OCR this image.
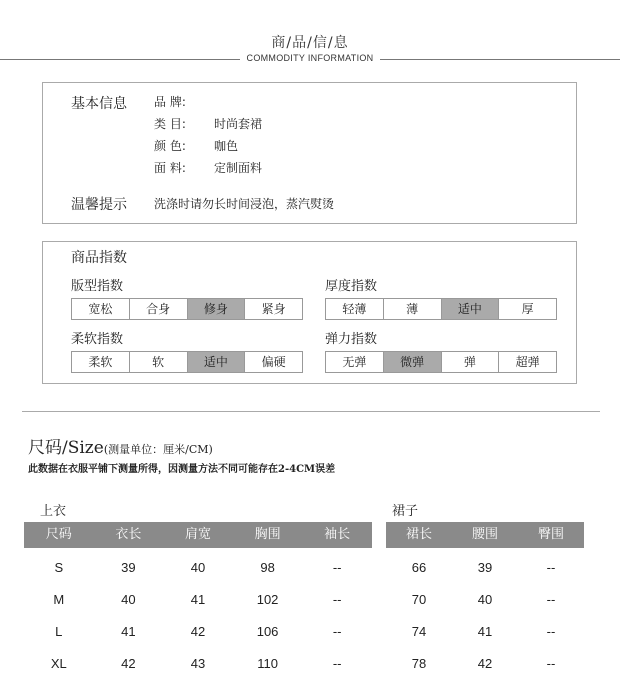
商/品/信/息
COMMODITY INFORMATION
基本信息 品 牌:
类 目: 时尚套裙
颜 色: 咖色
面 料: 定制面料
温馨提示 洗涤时请勿长时间浸泡，蒸汽熨烫
商品指数
版型指数
宽松	合身	修身	紧身
厚度指数
轻薄	薄	适中	厚
柔软指数
柔软	软	适中	偏硬
弹力指数
无弹	微弹	弹	超弹
尺码/Size(测量单位：厘米/CM)
此数据在衣服平铺下测量所得，因测量方法不同可能存在2-4CM误差
上衣
尺码	衣长	肩宽	胸围	袖长
S	39	40	98	--
M	40	41	102	--
L	41	42	106	--
XL	42	43	110	--
裙子
裙长	腰围	臀围
66	39	--
70	40	--
74	41	--
78	42	--
